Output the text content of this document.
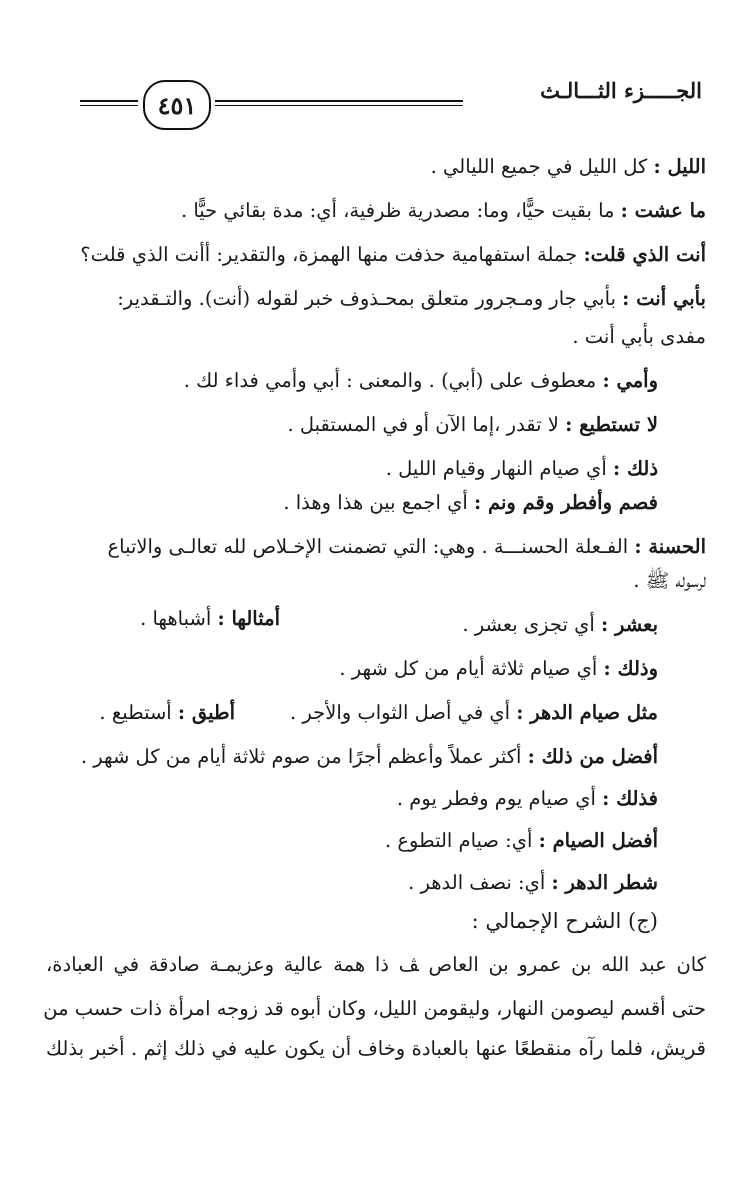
الجـــــزء الثـــالـث
٤٥١
الليل : كل الليل في جميع الليالي .
ما عشت : ما بقيت حيًّا، وما: مصدرية ظرفية، أي: مدة بقائي حيًّا .
أنت الذي قلت: جملة استفهامية حذفت منها الهمزة، والتقدير: أأنت الذي قلت؟
بأبي أنت : بأبي جار ومـجرور متعلق بمحـذوف خبر لقوله (أنت). والتـقدير:
مفدى بأبي أنت .
وأمي : معطوف على (أبي) . والمعنى : أبي وأمي فداء لك .
لا تستطيع : لا تقدر ،إما الآن أو في المستقبل .
ذلك : أي صيام النهار وقيام الليل .
فصم وأفطر وقم ونم : أي اجمع بين هذا وهذا .
الحسنة : الفـعلة الحسنـــة . وهي: التي تضمنت الإخـلاص لله تعالـى والاتباع
لرسوله ﷺ .
بعشر : أي تجزى بعشر .
أمثالها : أشباهها .
وذلك : أي صيام ثلاثة أيام من كل شهر .
مثل صيام الدهر : أي في أصل الثواب والأجر .
أطيق : أستطيع .
أفضل من ذلك : أكثر عملاً وأعظم أجرًا من صوم ثلاثة أيام من كل شهر .
فذلك : أي صيام يوم وفطر يوم .
أفضل الصيام : أي: صيام التطوع .
شطر الدهر : أي: نصف الدهر .
(ج) الشرح الإجمالي :
كان عبد الله بن عمرو بن العاص ﭫ ذا همة عالية وعزيمـة صادقة في العبادة،
حتى أقسم ليصومن النهار، وليقومن الليل، وكان أبوه قد زوجه امرأة ذات حسب من
قريش، فلما رآه منقطعًا عنها بالعبادة وخاف أن يكون عليه في ذلك إثم . أخبر بذلك
